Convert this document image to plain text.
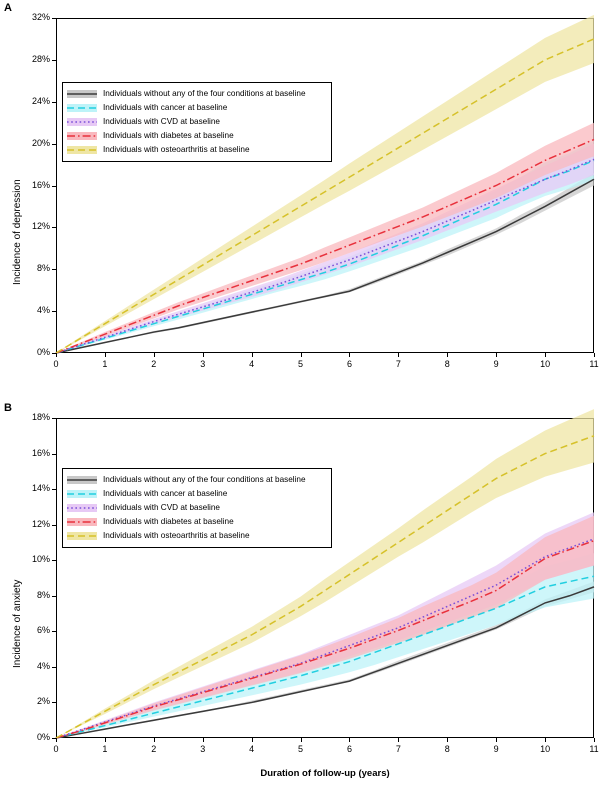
A
Incidence of depression
Individuals without any of the four conditions at baseline
Individuals with cancer at baseline
Individuals with CVD at baseline
Individuals with diabetes at baseline
Individuals with osteoarthritis at baseline
0%
4%
8%
12%
16%
20%
24%
28%
32%
0	1	2	3	4	5	6	7	8	9	10	11
B
Incidence of anxiety
Individuals without any of the four conditions at baseline
Individuals with cancer at baseline
Individuals with CVD at baseline
Individuals with diabetes at baseline
Individuals with osteoarthritis at baseline
Duration of follow-up (years)
0%
2%
4%
6%
8%
10%
12%
14%
16%
18%
0	1	2	3	4	5	6	7	8	9	10	11
